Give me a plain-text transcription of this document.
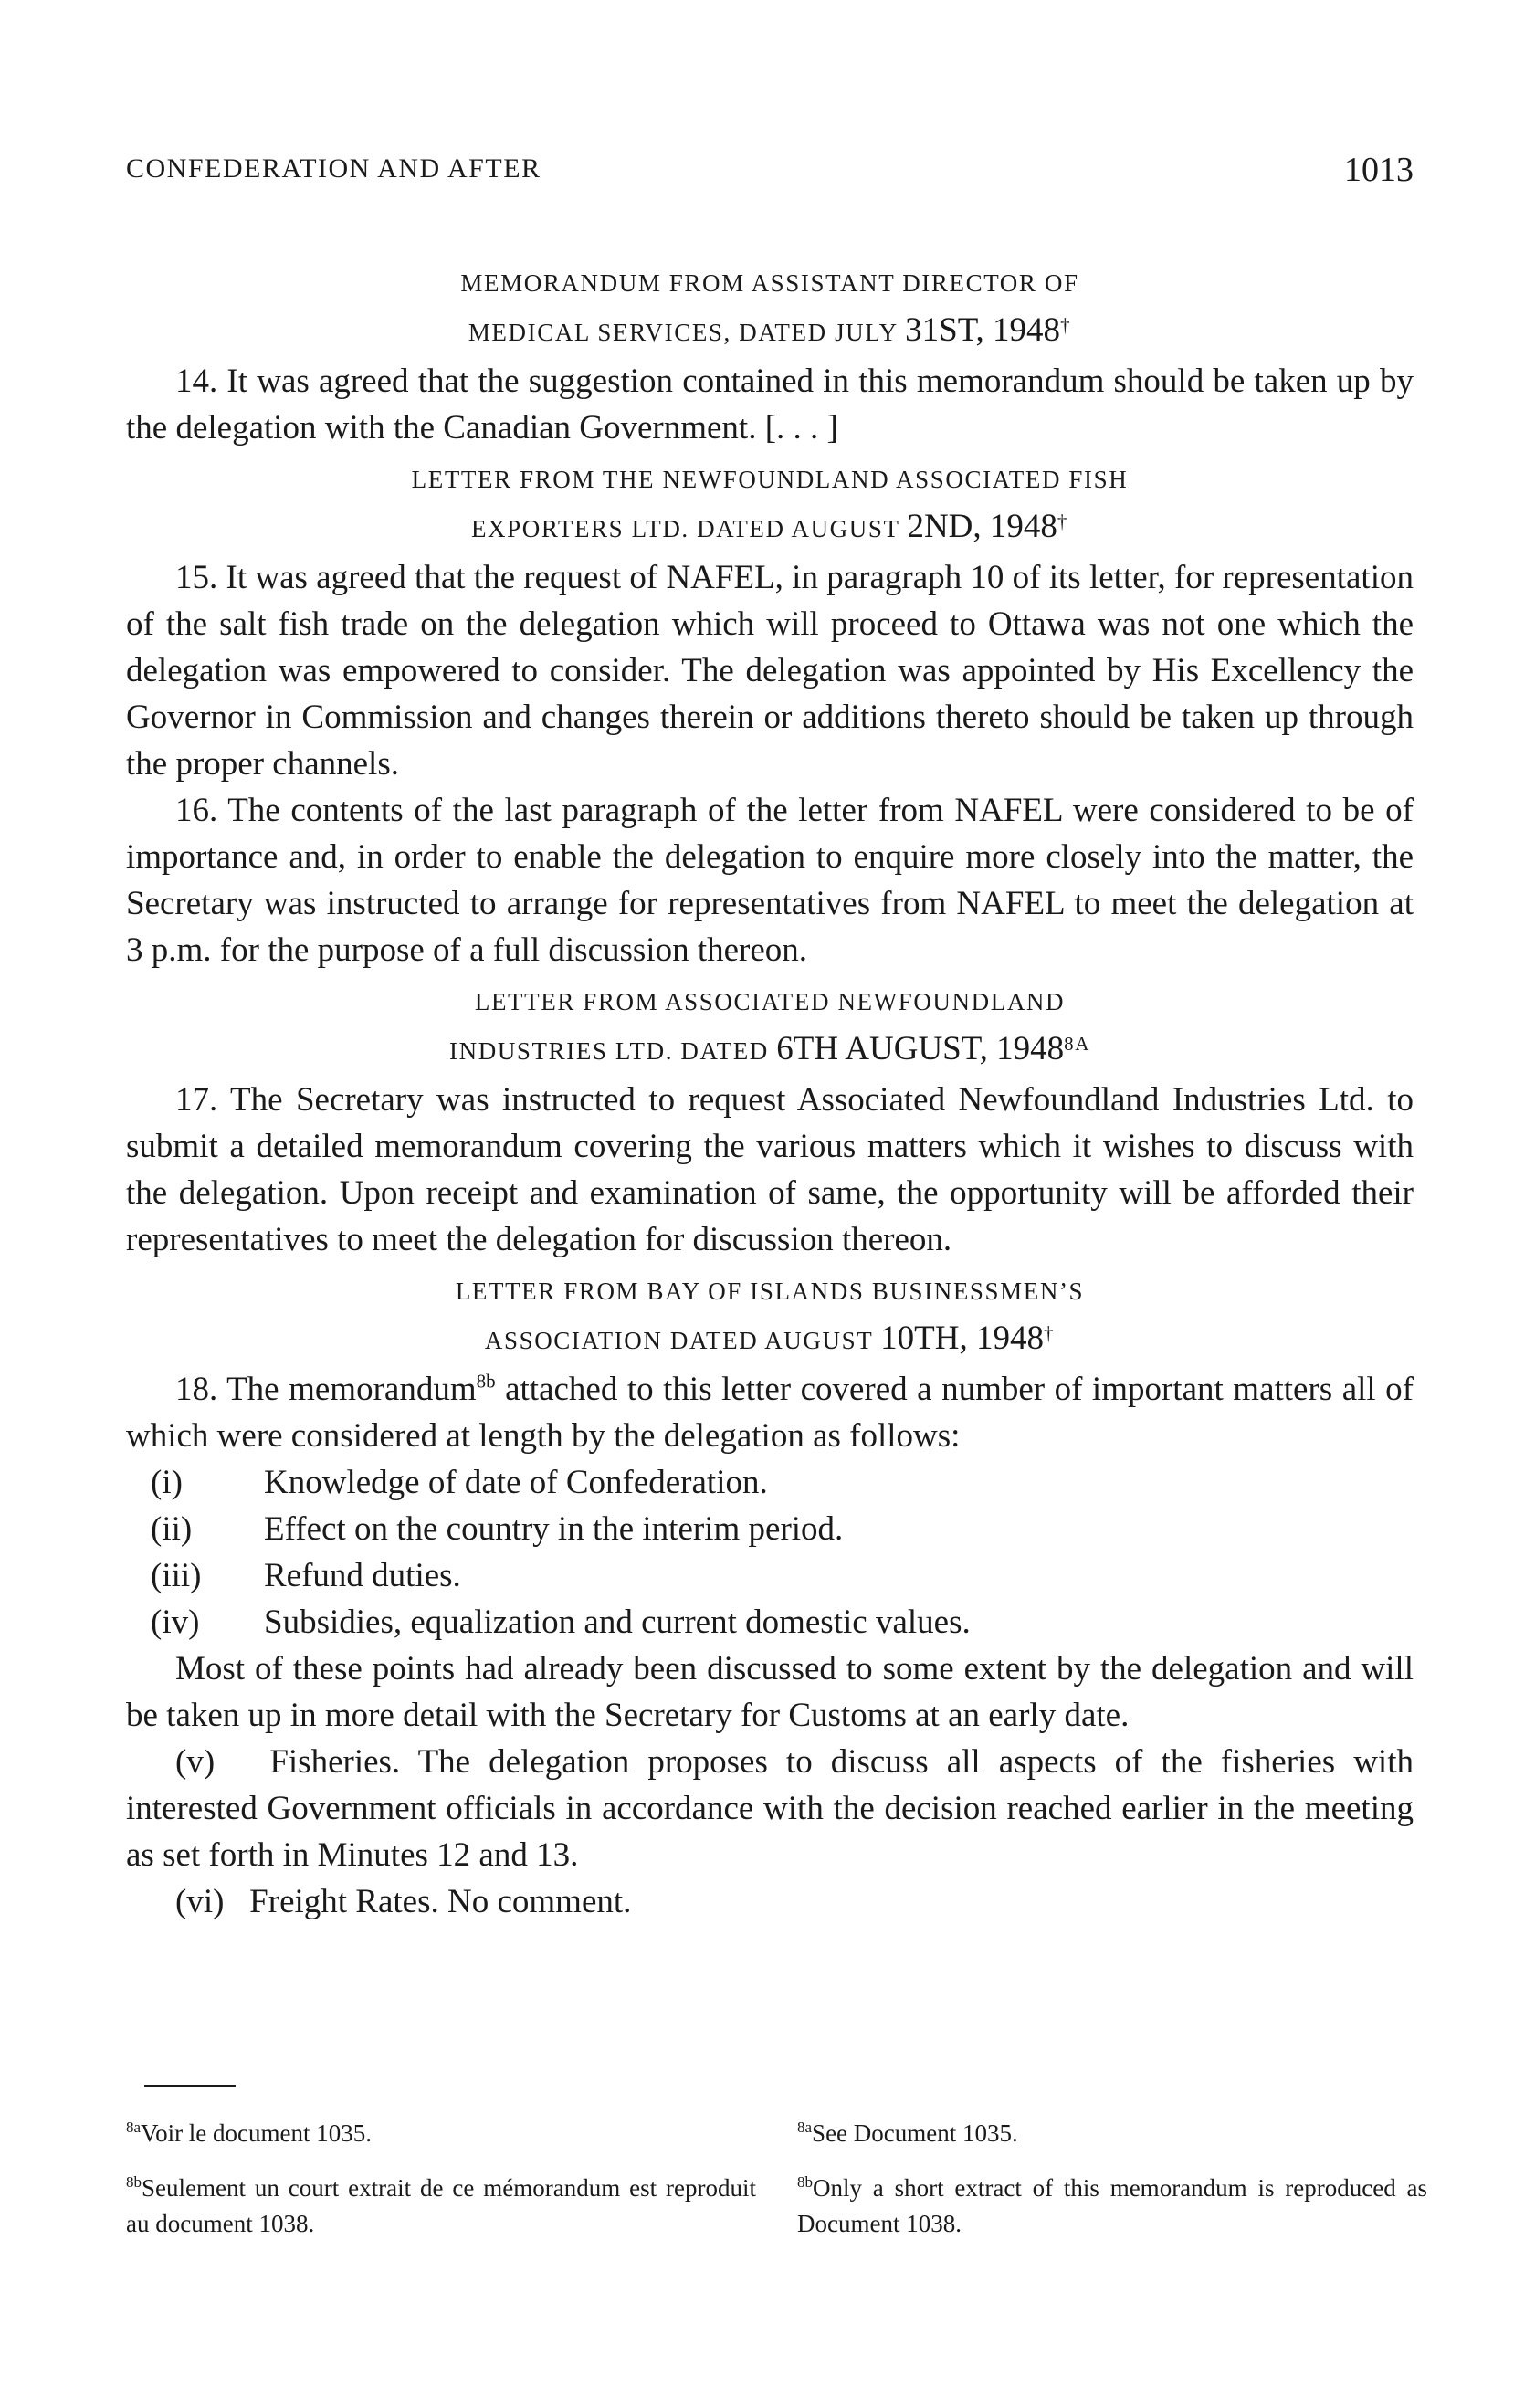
CONFEDERATION AND AFTER	1013
MEMORANDUM FROM ASSISTANT DIRECTOR OF
MEDICAL SERVICES, DATED JULY 31ST, 1948†

14. It was agreed that the suggestion contained in this memorandum should be taken up by the delegation with the Canadian Government. [. . . ]

LETTER FROM THE NEWFOUNDLAND ASSOCIATED FISH
EXPORTERS LTD. DATED AUGUST 2ND, 1948†

15. It was agreed that the request of NAFEL, in paragraph 10 of its letter, for representation of the salt fish trade on the delegation which will proceed to Ottawa was not one which the delegation was empowered to consider. The delegation was appointed by His Excellency the Governor in Commission and changes therein or additions thereto should be taken up through the proper channels.

16. The contents of the last paragraph of the letter from NAFEL were considered to be of importance and, in order to enable the delegation to enquire more closely into the matter, the Secretary was instructed to arrange for representatives from NAFEL to meet the delegation at 3 p.m. for the purpose of a full discussion thereon.

LETTER FROM ASSOCIATED NEWFOUNDLAND
INDUSTRIES LTD. DATED 6TH AUGUST, $1948^{8A}$

17. The Secretary was instructed to request Associated Newfoundland Industries Ltd. to submit a detailed memorandum covering the various matters which it wishes to discuss with the delegation. Upon receipt and examination of same, the opportunity will be afforded their representatives to meet the delegation for discussion thereon.

LETTER FROM BAY OF ISLANDS BUSINESSMEN’S
ASSOCIATION DATED AUGUST 10TH, 1948†

18. The memorandum$^{8b}$ attached to this letter covered a number of important matters all of which were considered at length by the delegation as follows:

(i) Knowledge of date of Confederation.
(ii) Effect on the country in the interim period.
(iii) Refund duties.
(iv) Subsidies, equalization and current domestic values.

Most of these points had already been discussed to some extent by the delegation and will be taken up in more detail with the Secretary for Customs at an early date.

(v)   Fisheries. The delegation proposes to discuss all aspects of the fisheries with interested Government officials in accordance with the decision reached earlier in the meeting as set forth in Minutes 12 and 13.

(vi)   Freight Rates. No comment.

$^{8a}$Voir le document 1035.

$^{8b}$Seulement un court extrait de ce mémorandum est reproduit au document 1038.

$^{8a}$See Document 1035.

$^{8b}$Only a short extract of this memorandum is reproduced as Document 1038.
